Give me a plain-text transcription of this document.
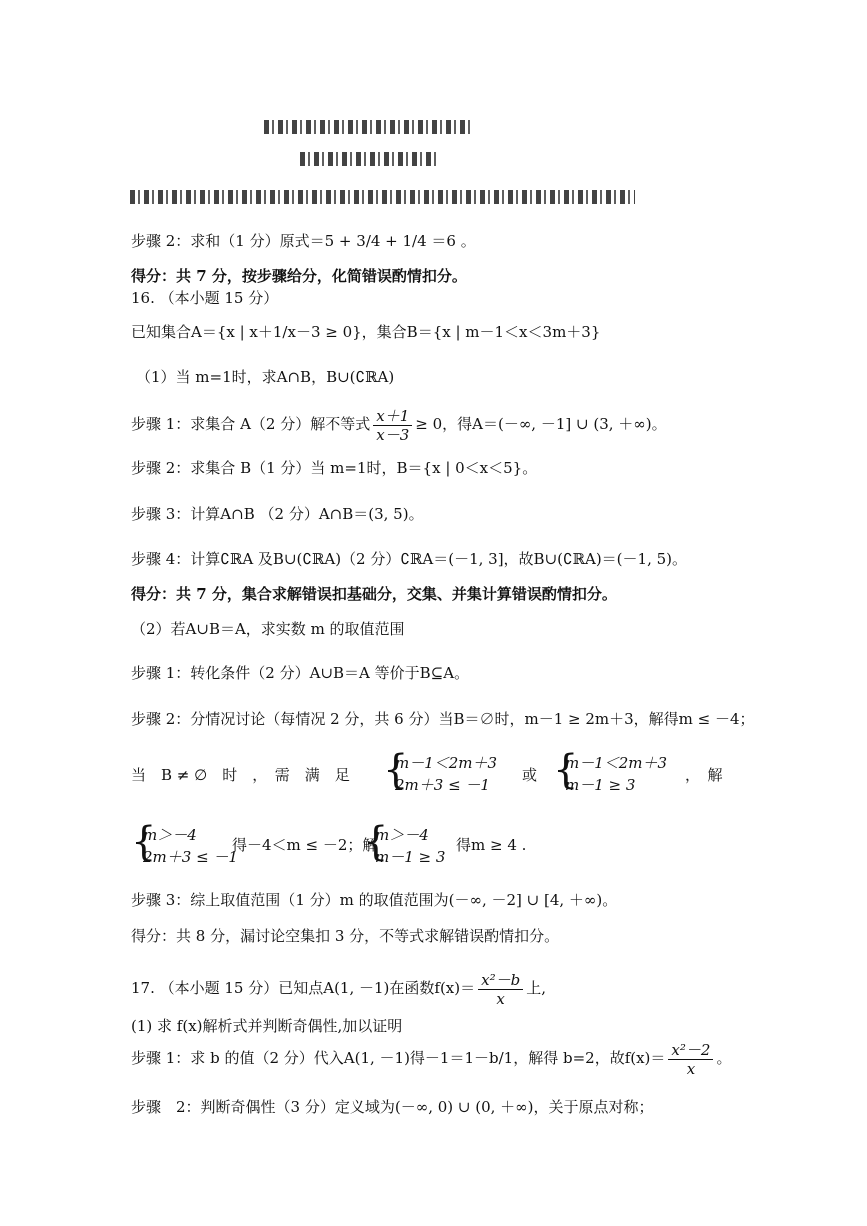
步骤 2：求和（1 分）原式＝5 + 3/4 + 1/4 ＝6 。
得分：共 7 分，按步骤给分，化简错误酌情扣分。
16. （本小题 15 分）
已知集合A＝{x | x＋1/x－3 ≥ 0}，集合B＝{x | m－1＜x＜3m＋3}
（1）当 m=1时，求A∩B，B∪(∁ℝA)
步骤 1：求集合 A（2 分）解不等式 $\frac{x+1}{x-3} \ge 0$，得A＝(－∞, －1] ∪ (3, ＋∞)。
步骤 2：求集合 B（1 分）当 m=1时，B＝{x | 0＜x＜5}。
步骤 3：计算A∩B （2 分）A∩B＝(3, 5)。
步骤 4：计算∁ℝA 及B∪(∁ℝA)（2 分）∁ℝA＝(－1, 3]，故B∪(∁ℝA)＝(－1, 5)。
得分：共 7 分，集合求解错误扣基础分，交集、并集计算错误酌情扣分。
（2）若A∪B＝A，求实数 m 的取值范围
步骤 1：转化条件（2 分）A∪B＝A 等价于B⊆A。
步骤 2：分情况讨论（每情况 2 分，共 6 分）当B＝∅时，m－1 ≥ 2m＋3，解得m ≤ －4；
当　B ≠ ∅　时　，　需　满　足 {
m－1＜2m＋3
2m＋3 ≤ －1
或 {
m－1＜2m＋3
m－1 ≥ 3
，　解
{
m＞－4
2m＋3 ≤ －1
得－4＜m ≤ －2；解
{
m＞－4
m－1 ≥ 3
得m ≥ 4 .
步骤 3：综上取值范围（1 分）m 的取值范围为(－∞, －2] ∪ [4, ＋∞)。
得分：共 8 分，漏讨论空集扣 3 分，不等式求解错误酌情扣分。
17. （本小题 15 分）已知点A(1, －1)在函数$f(x)= \frac{\text{x²－b}}{x}$ 上,
(1) 求 f(x)解析式并判断奇偶性,加以证明
步骤 1：求 b 的值（2 分）代入A(1, －1)得－1＝1－b/1，解得 b=2，故$f(x)= \frac{\text{x²－2}}{x}$ 。
步骤　2：判断奇偶性（3 分）定义域为(－∞, 0) ∪ (0, ＋∞)，关于原点对称；
